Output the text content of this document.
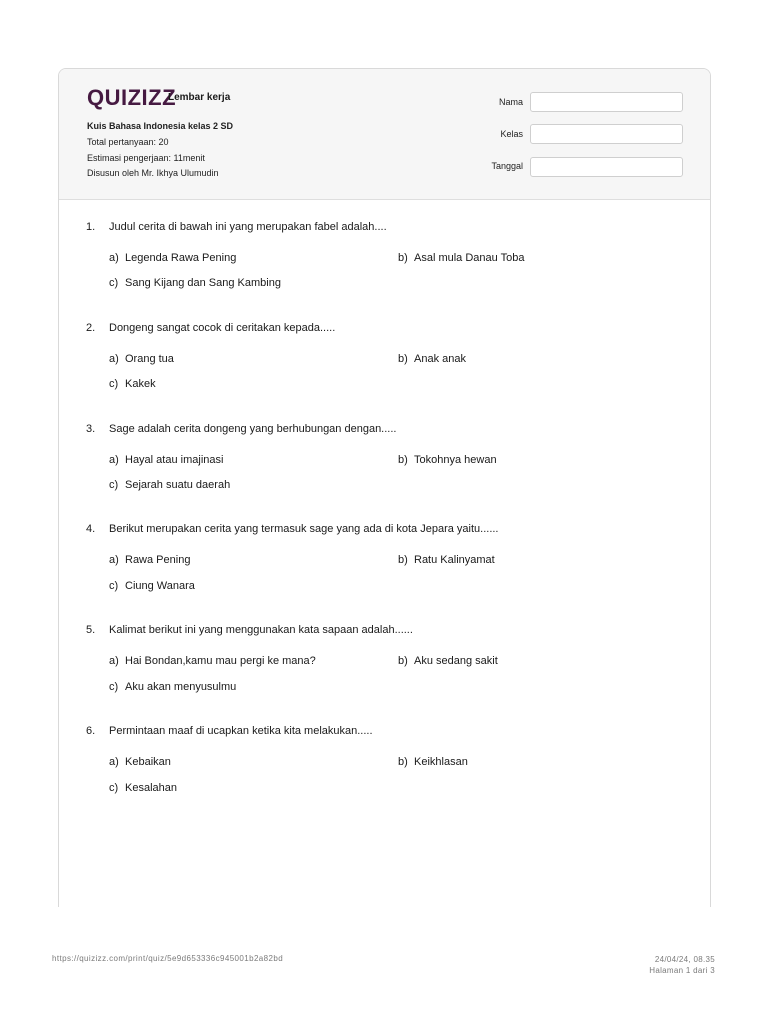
QUIZIZZ
Lembar kerja
Kuis Bahasa Indonesia kelas 2 SD
Total pertanyaan: 20
Estimasi pengerjaan: 11menit
Disusun oleh Mr. Ikhya Ulumudin
Nama
Kelas
Tanggal
1. Judul cerita di bawah ini yang merupakan fabel adalah....
a) Legenda Rawa Pening	b) Asal mula Danau Toba
c) Sang Kijang dan Sang Kambing
2. Dongeng sangat cocok di ceritakan kepada.....
a) Orang tua	b) Anak anak
c) Kakek
3. Sage adalah cerita dongeng yang berhubungan dengan.....
a) Hayal atau imajinasi	b) Tokohnya hewan
c) Sejarah suatu daerah
4. Berikut merupakan cerita yang termasuk sage yang ada di kota Jepara yaitu......
a) Rawa Pening	b) Ratu Kalinyamat
c) Ciung Wanara
5. Kalimat berikut ini yang menggunakan kata sapaan adalah......
a) Hai Bondan,kamu mau pergi ke mana?	b) Aku sedang sakit
c) Aku akan menyusulmu
6. Permintaan maaf di ucapkan ketika kita melakukan.....
a) Kebaikan	b) Keikhlasan
c) Kesalahan
https://quizizz.com/print/quiz/5e9d653336c945001b2a82bd	24/04/24, 08.35
Halaman 1 dari 3
